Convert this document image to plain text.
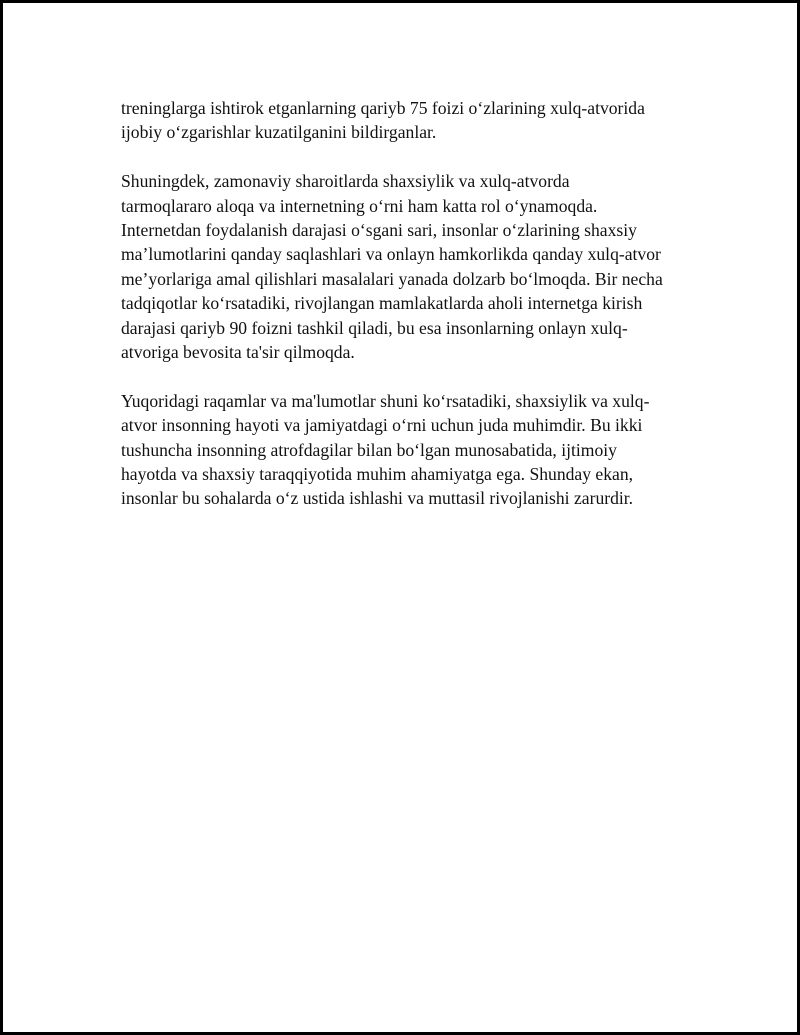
treninglarga ishtirok etganlarning qariyb 75 foizi o‘zlarining xulq-atvorida
ijobiy o‘zgarishlar kuzatilganini bildirganlar.

Shuningdek, zamonaviy sharoitlarda shaxsiylik va xulq-atvorda
tarmoqlararo aloqa va internetning o‘rni ham katta rol o‘ynamoqda.
Internetdan foydalanish darajasi o‘sgani sari, insonlar o‘zlarining shaxsiy
ma’lumotlarini qanday saqlashlari va onlayn hamkorlikda qanday xulq-atvor
me’yorlariga amal qilishlari masalalari yanada dolzarb bo‘lmoqda. Bir necha
tadqiqotlar ko‘rsatadiki, rivojlangan mamlakatlarda aholi internetga kirish
darajasi qariyb 90 foizni tashkil qiladi, bu esa insonlarning onlayn xulq-
atvoriga bevosita ta'sir qilmoqda.

Yuqoridagi raqamlar va ma'lumotlar shuni ko‘rsatadiki, shaxsiylik va xulq-
atvor insonning hayoti va jamiyatdagi o‘rni uchun juda muhimdir. Bu ikki
tushuncha insonning atrofdagilar bilan bo‘lgan munosabatida, ijtimoiy
hayotda va shaxsiy taraqqiyotida muhim ahamiyatga ega. Shunday ekan,
insonlar bu sohalarda o‘z ustida ishlashi va muttasil rivojlanishi zarurdir.
